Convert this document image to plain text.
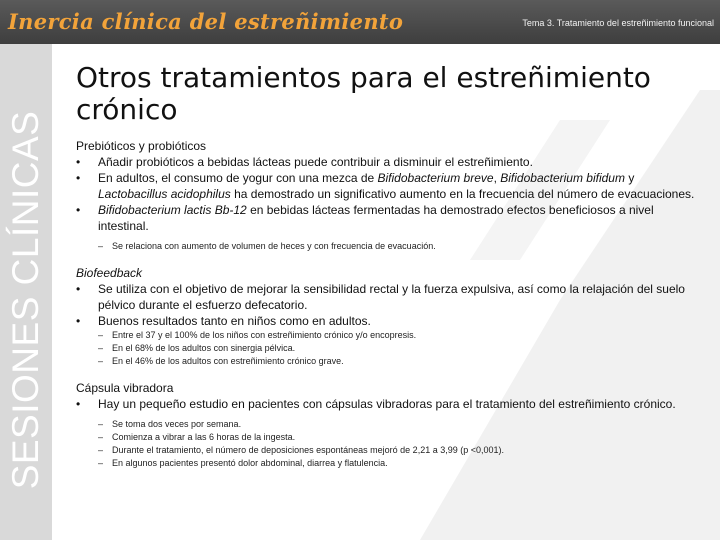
Inercia clínica del estreñimiento	Tema 3. Tratamiento del estreñimiento funcional
SESIONES CLÍNICAS
Otros tratamientos para el estreñimiento crónico
Prebióticos y probióticos
• Añadir probióticos a bebidas lácteas puede contribuir a disminuir el estreñimiento.
• En adultos, el consumo de yogur con una mezca de Bifidobacterium breve, Bifidobacterium bifidum y Lactobacillus acidophilus ha demostrado un significativo aumento en la frecuencia del número de evacuaciones.
• Bifidobacterium lactis Bb-12 en bebidas lácteas fermentadas ha demostrado efectos beneficiosos a nivel intestinal.
– Se relaciona con aumento de volumen de heces y con frecuencia de evacuación.
Biofeedback
• Se utiliza con el objetivo de mejorar la sensibilidad rectal y la fuerza expulsiva, así como la relajación del suelo pélvico durante el esfuerzo defecatorio.
• Buenos resultados tanto en niños como en adultos.
– Entre el 37 y el 100% de los niños con estreñimiento crónico y/o encopresis.
– En el 68% de los adultos con sinergia pélvica.
– En el 46% de los adultos con estreñimiento crónico grave.
Cápsula vibradora
• Hay un pequeño estudio en pacientes con cápsulas vibradoras para el tratamiento del estreñimiento crónico.
– Se toma dos veces por semana.
– Comienza a vibrar a las 6 horas de la ingesta.
– Durante el tratamiento, el número de deposiciones espontáneas mejoró de 2,21 a 3,99 (p <0,001).
– En algunos pacientes presentó dolor abdominal, diarrea y flatulencia.
